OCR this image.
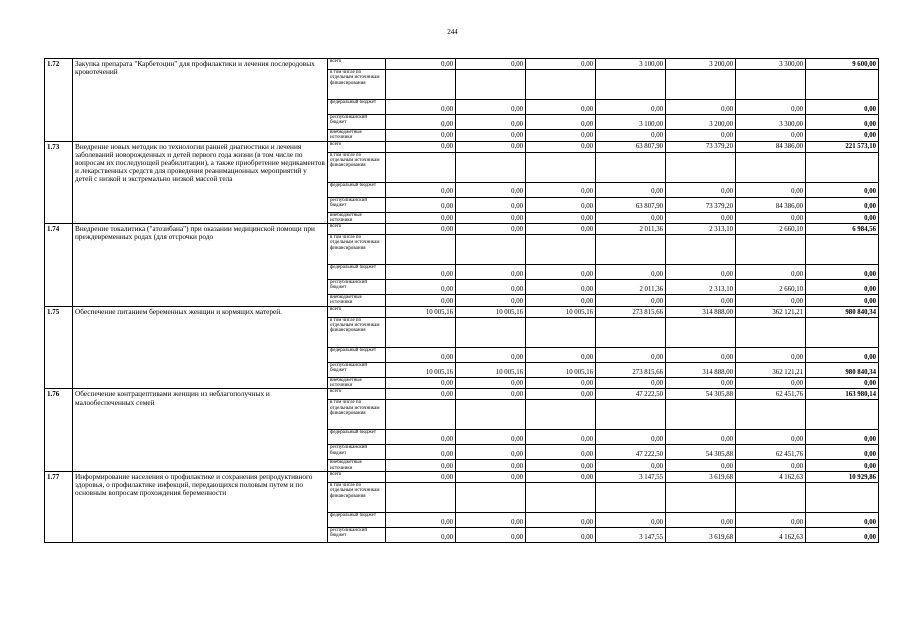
244
1.72	Закупка препарата "Карбетоцин" для профилактики и лечения послеродовых кровотечений	всего	0,00	0,00	0,00	3 100,00	3 200,00	3 300,00	9 600,00
		в том числе по отдельным источникам финансирования							
		федеральный бюджет	0,00	0,00	0,00	0,00	0,00	0,00	0,00
		республиканский бюджет	0,00	0,00	0,00	3 100,00	3 200,00	3 300,00	0,00
		внебюджетные источники	0,00	0,00	0,00	0,00	0,00	0,00	0,00
1.73	Внедрение новых методик по технологии ранней диагностики и лечения заболеваний новорожденных и детей первого года жизни (в том числе по вопросам их последующей реабилитации), а также приобретение медикаментов и лекарственных средств для проведения реанимационных мероприятий у детей с низкой и экстремально низкой массой тела	всего	0,00	0,00	0,00	63 807,90	73 379,20	84 386,00	221 573,10
		в том числе по отдельным источникам финансирования							
		федеральный бюджет	0,00	0,00	0,00	0,00	0,00	0,00	0,00
		республиканский бюджет	0,00	0,00	0,00	63 807,90	73 379,20	84 386,00	0,00
		внебюджетные источники	0,00	0,00	0,00	0,00	0,00	0,00	0,00
1.74	Внедрение токалитика ("атозибана") при оказании медицинской помощи при преждевременных родах (для отсрочки родо	всего	0,00	0,00	0,00	2 011,36	2 313,10	2 660,10	6 984,56
		в том числе по отдельным источникам финансирования							
		федеральный бюджет	0,00	0,00	0,00	0,00	0,00	0,00	0,00
		республиканский бюджет	0,00	0,00	0,00	2 011,36	2 313,10	2 660,10	0,00
		внебюджетные источники	0,00	0,00	0,00	0,00	0,00	0,00	0,00
1.75	Обеспечение питанием беременных женщин и кормящих матерей.	всего	10 005,16	10 005,16	10 005,16	273 815,66	314 888,00	362 121,21	980 840,34
		в том числе по отдельным источникам финансирования							
		федеральный бюджет	0,00	0,00	0,00	0,00	0,00	0,00	0,00
		республиканский бюджет	10 005,16	10 005,16	10 005,16	273 815,66	314 888,00	362 121,21	980 840,34
		внебюджетные источники	0,00	0,00	0,00	0,00	0,00	0,00	0,00
1.76	Обеспечение контрацептивами женщин из неблагополучных и малообеспеченных семей	всего	0,00	0,00	0,00	47 222,50	54 305,88	62 451,76	163 980,14
		в том числе по отдельным источникам финансирования							
		федеральный бюджет	0,00	0,00	0,00	0,00	0,00	0,00	0,00
		республиканский бюджет	0,00	0,00	0,00	47 222,50	54 305,88	62 451,76	0,00
		внебюджетные источники	0,00	0,00	0,00	0,00	0,00	0,00	0,00
1.77	Информирование населения о профилактике и сохранения репродуктивного здоровья, о профилактике инфекций, передающихся половым путем и по основным вопросам прохождения беременности	всего	0,00	0,00	0,00	3 147,55	3 619,68	4 162,63	10 929,86
		в том числе по отдельным источникам финансирования							
		федеральный бюджет	0,00	0,00	0,00	0,00	0,00	0,00	0,00
		республиканский бюджет	0,00	0,00	0,00	3 147,55	3 619,68	4 162,63	0,00
